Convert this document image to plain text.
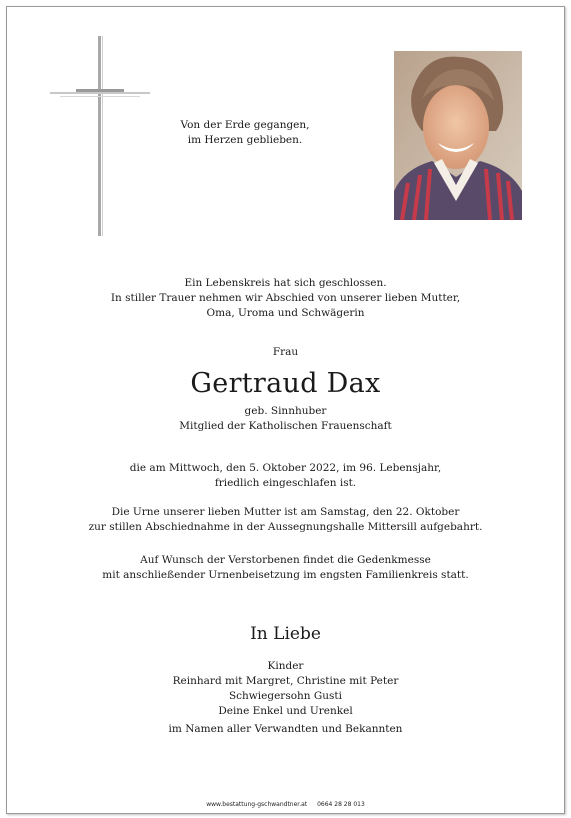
Von der Erde gegangen,
im Herzen geblieben.
Ein Lebenskreis hat sich geschlossen.
In stiller Trauer nehmen wir Abschied von unserer lieben Mutter,
Oma, Uroma und Schwägerin
Frau
Gertraud Dax
geb. Sinnhuber
Mitglied der Katholischen Frauenschaft
die am Mittwoch, den 5. Oktober 2022, im 96. Lebensjahr,
friedlich eingeschlafen ist.
Die Urne unserer lieben Mutter ist am Samstag, den 22. Oktober
zur stillen Abschiednahme in der Aussegnungshalle Mittersill aufgebahrt.
Auf Wunsch der Verstorbenen findet die Gedenkmesse
mit anschließender Urnenbeisetzung im engsten Familienkreis statt.
In Liebe
Kinder
Reinhard mit Margret, Christine mit Peter
Schwiegersohn Gusti
Deine Enkel und Urenkel
im Namen aller Verwandten und Bekannten
www.bestattung-gschwandtner.at 0664 28 28 013
